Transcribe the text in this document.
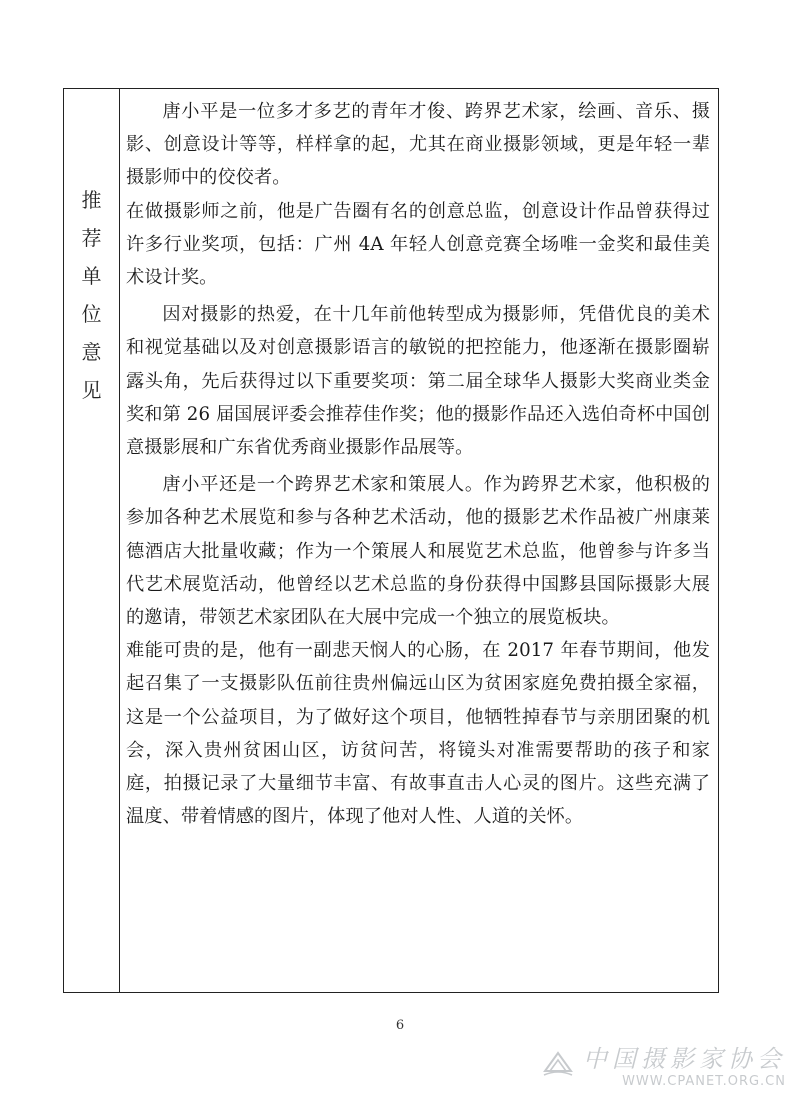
推
荐
单
位
意
见

唐小平是一位多才多艺的青年才俊、跨界艺术家，绘画、音乐、摄影、创意设计等等，样样拿的起，尤其在商业摄影领域，更是年轻一辈摄影师中的佼佼者。

在做摄影师之前，他是广告圈有名的创意总监，创意设计作品曾获得过许多行业奖项，包括：广州 4A 年轻人创意竞赛全场唯一金奖和最佳美术设计奖。

因对摄影的热爱，在十几年前他转型成为摄影师，凭借优良的美术和视觉基础以及对创意摄影语言的敏锐的把控能力，他逐渐在摄影圈崭露头角，先后获得过以下重要奖项：第二届全球华人摄影大奖商业类金奖和第 26 届国展评委会推荐佳作奖；他的摄影作品还入选伯奇杯中国创意摄影展和广东省优秀商业摄影作品展等。

唐小平还是一个跨界艺术家和策展人。作为跨界艺术家，他积极的参加各种艺术展览和参与各种艺术活动，他的摄影艺术作品被广州康莱德酒店大批量收藏；作为一个策展人和展览艺术总监，他曾参与许多当代艺术展览活动，他曾经以艺术总监的身份获得中国黟县国际摄影大展的邀请，带领艺术家团队在大展中完成一个独立的展览板块。

难能可贵的是，他有一副悲天悯人的心肠，在 2017 年春节期间，他发起召集了一支摄影队伍前往贵州偏远山区为贫困家庭免费拍摄全家福，这是一个公益项目，为了做好这个项目，他牺牲掉春节与亲朋团聚的机会，深入贵州贫困山区，访贫问苦，将镜头对准需要帮助的孩子和家庭，拍摄记录了大量细节丰富、有故事直击人心灵的图片。这些充满了温度、带着情感的图片，体现了他对人性、人道的关怀。

6
中国摄影家协会
WWW.CPANET.ORG.CN
